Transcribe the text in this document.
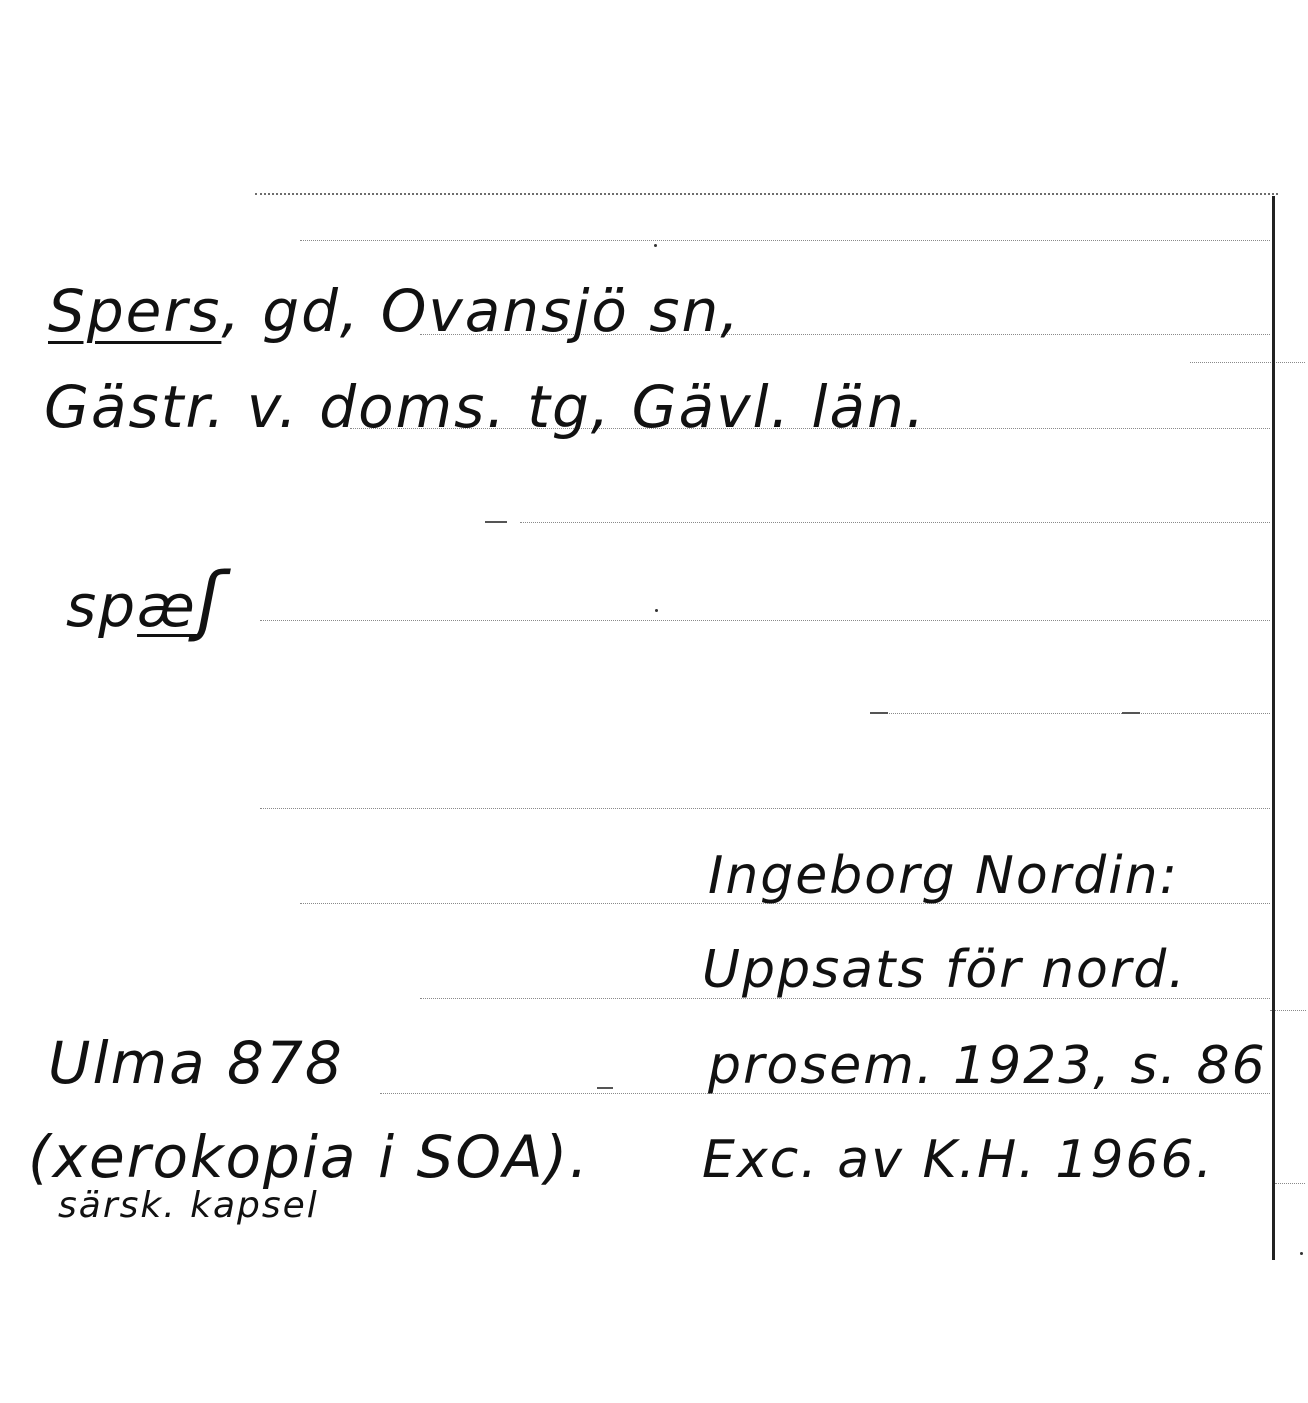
Spers, gd, Ovansjö sn,
Gästr. v. doms. tg, Gävl. län.
spæʃ
Ingeborg Nordin:
Uppsats för nord.
prosem. 1923, s. 86
Exc. av K.H. 1966.
Ulma 878
(xerokopia i SOA).
särsk. kapsel
